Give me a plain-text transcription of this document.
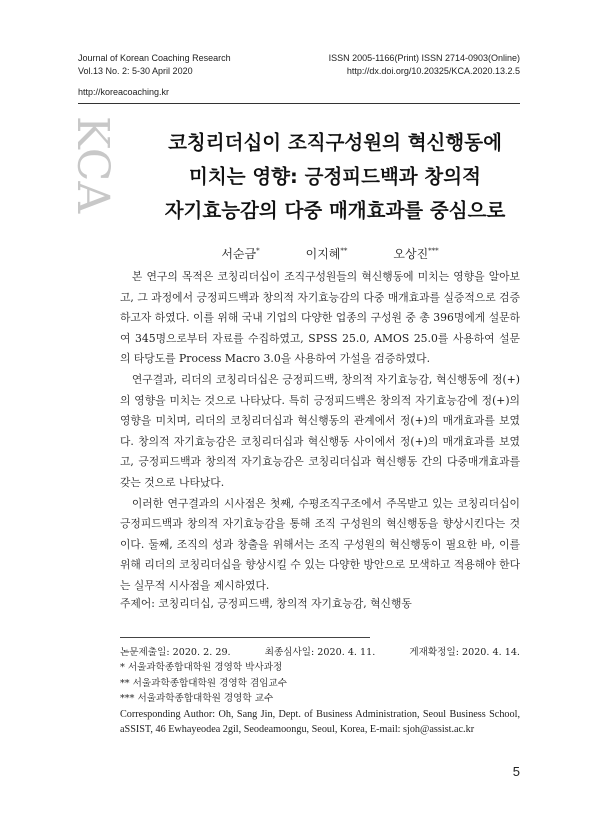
Journal of Korean Coaching Research
Vol.13 No. 2: 5-30 April 2020
ISSN 2005-1166(Print) ISSN 2714-0903(Online)
http://dx.doi.org/10.20325/KCA.2020.13.2.5
http://koreacoaching.kr
KCA	코칭리더십이 조직구성원의 혁신행동에
미치는 영향: 긍정피드백과 창의적
자기효능감의 다중 매개효과를 중심으로
서순금*	이지혜**	오상진***

본 연구의 목적은 코칭리더십이 조직구성원들의 혁신행동에 미치는 영향을 알아보고, 그 과정에서 긍정피드백과 창의적 자기효능감의 다중 매개효과를 실증적으로 검증하고자 하였다. 이를 위해 국내 기업의 다양한 업종의 구성원 중 총 396명에게 설문하여 345명으로부터 자료를 수집하였고, SPSS 25.0, AMOS 25.0를 사용하여 설문의 타당도를 Process Macro 3.0을 사용하여 가설을 검증하였다.

연구결과, 리더의 코칭리더십은 긍정피드백, 창의적 자기효능감, 혁신행동에 정(+)의 영향을 미치는 것으로 나타났다. 특히 긍정피드백은 창의적 자기효능감에 정(+)의 영향을 미치며, 리더의 코칭리더십과 혁신행동의 관계에서 정(+)의 매개효과를 보였다. 창의적 자기효능감은 코칭리더십과 혁신행동 사이에서 정(+)의 매개효과를 보였고, 긍정피드백과 창의적 자기효능감은 코칭리더십과 혁신행동 간의 다중매개효과를 갖는 것으로 나타났다.

이러한 연구결과의 시사점은 첫째, 수평조직구조에서 주목받고 있는 코칭리더십이 긍정피드백과 창의적 자기효능감을 통해 조직 구성원의 혁신행동을 향상시킨다는 것이다. 둘째, 조직의 성과 창출을 위해서는 조직 구성원의 혁신행동이 필요한 바, 이를 위해 리더의 코칭리더십을 향상시킬 수 있는 다양한 방안으로 모색하고 적용해야 한다는 실무적 시사점을 제시하였다.

주제어: 코칭리더십, 긍정피드백, 창의적 자기효능감, 혁신행동
논문제출일: 2020. 2. 29.	최종심사일: 2020. 4. 11.	게재확정일: 2020. 4. 14.
* 서울과학종합대학원 경영학 박사과정
** 서울과학종합대학원 경영학 겸임교수
*** 서울과학종합대학원 경영학 교수
Corresponding Author: Oh, Sang Jin, Dept. of Business Administration, Seoul Business School, aSSIST, 46 Ewhayeodea 2gil, Seodeamoongu, Seoul, Korea, E-mail: sjoh@assist.ac.kr
5
